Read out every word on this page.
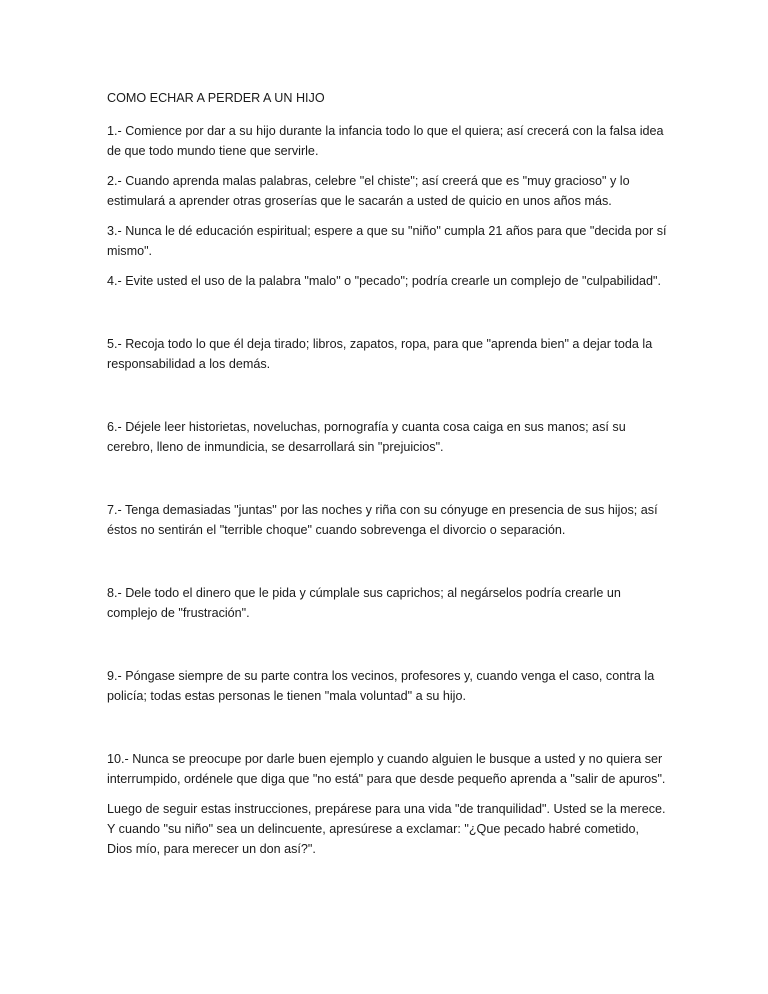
COMO ECHAR A PERDER A UN HIJO

1.- Comience por dar a su hijo durante la infancia todo lo que el quiera; así crecerá con la falsa idea de que todo mundo tiene que servirle.

2.- Cuando aprenda malas palabras, celebre "el chiste"; así creerá que es "muy gracioso" y lo estimulará a aprender otras groserías que le sacarán a usted de quicio en unos años más.

3.- Nunca le dé educación espiritual; espere a que su "niño" cumpla 21 años para que "decida por sí mismo".

4.- Evite usted el uso de la palabra "malo" o "pecado"; podría crearle un complejo de "culpabilidad".

5.- Recoja todo lo que él deja tirado; libros, zapatos, ropa, para que "aprenda bien" a dejar toda la responsabilidad a los demás.

6.- Déjele leer historietas, noveluchas, pornografía y cuanta cosa caiga en sus manos; así su cerebro, lleno de inmundicia, se desarrollará sin "prejuicios".

7.- Tenga demasiadas "juntas" por las noches y riña con su cónyuge en presencia de sus hijos; así éstos no sentirán el "terrible choque" cuando sobrevenga el divorcio o separación.

8.- Dele todo el dinero que le pida y cúmplale sus caprichos; al negárselos podría crearle un complejo de "frustración".

9.- Póngase siempre de su parte contra los vecinos, profesores y, cuando venga el caso, contra la policía; todas estas personas le tienen "mala voluntad" a su hijo.

10.- Nunca se preocupe por darle buen ejemplo y cuando alguien le busque a usted y no quiera ser interrumpido, ordénele que diga que "no está" para que desde pequeño aprenda a "salir de apuros".

Luego de seguir estas instrucciones, prepárese para una vida "de tranquilidad". Usted se la merece. Y cuando "su niño" sea un delincuente, apresúrese a exclamar: "¿Que pecado habré cometido, Dios mío, para merecer un don así?".
